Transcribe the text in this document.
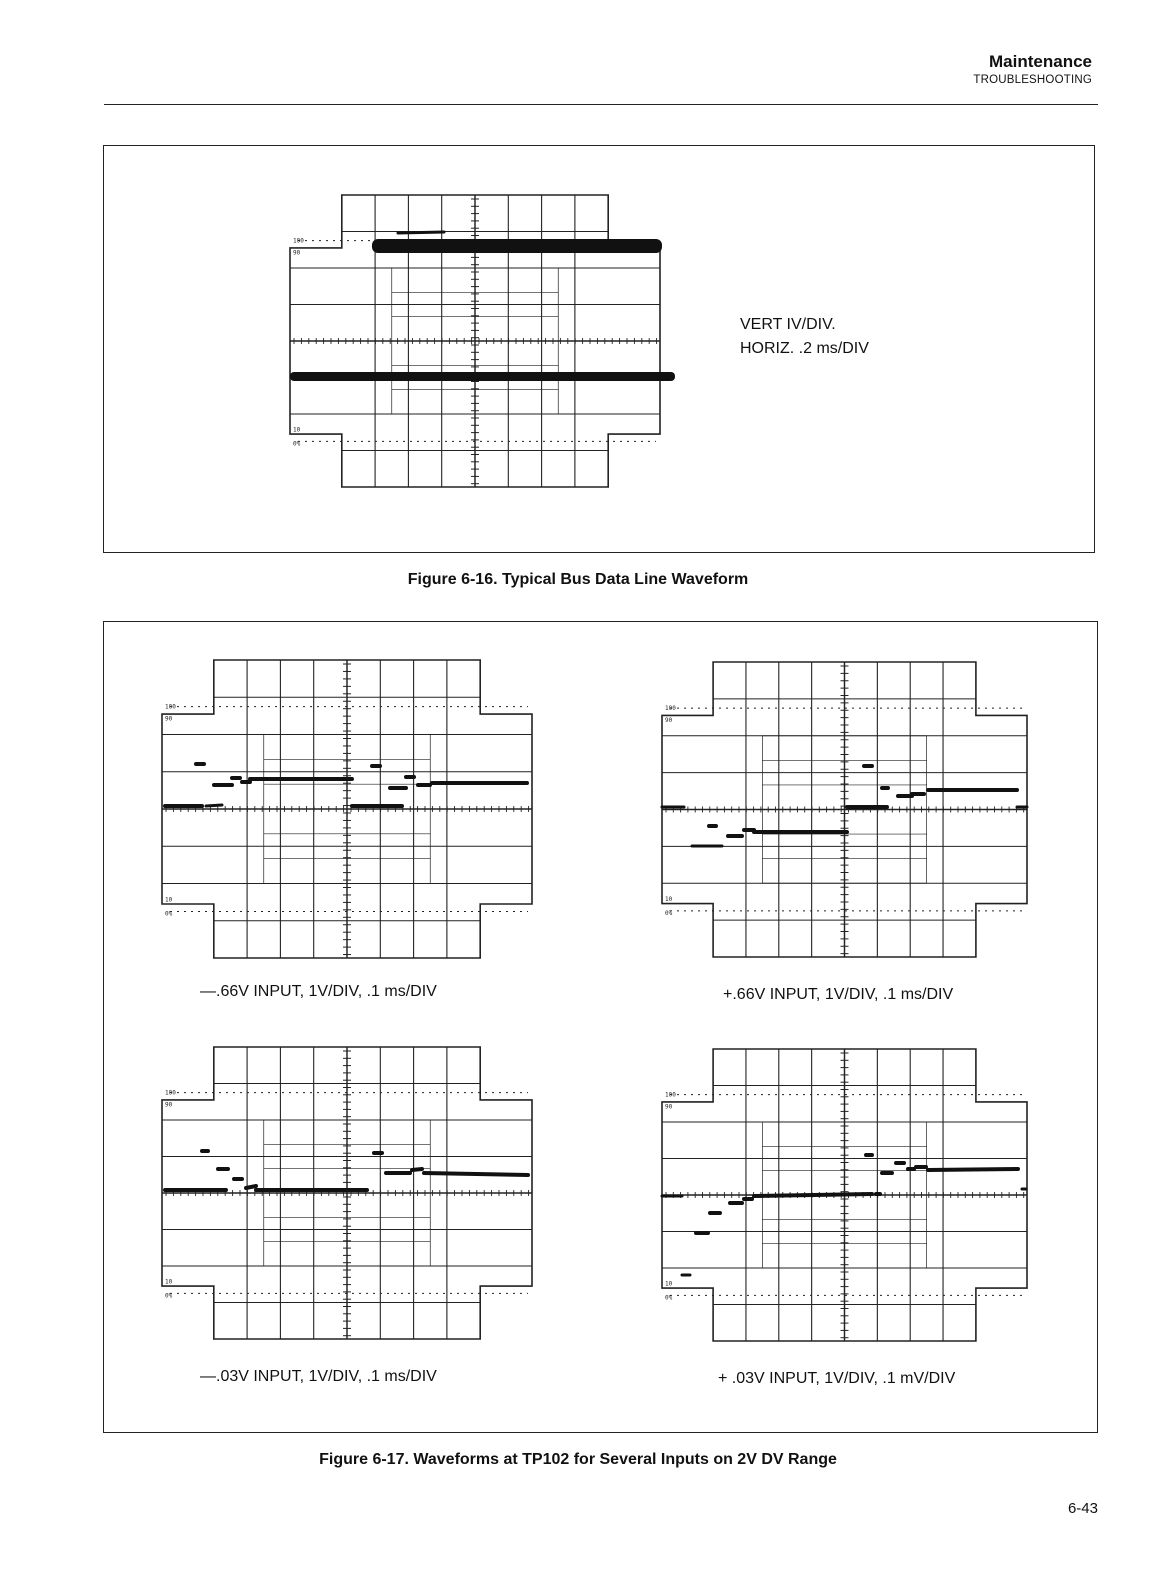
Maintenance
TROUBLESHOOTING
100
90
10
0%
VERT IV/DIV.
HORIZ. .2 ms/DIV
Figure 6-16. Typical Bus Data Line Waveform
100
90
10
0%
—.66V INPUT, 1V/DIV, .1 ms/DIV
100
90
10
0%
+.66V INPUT, 1V/DIV, .1 ms/DIV
100
90
10
0%
—.03V INPUT, 1V/DIV, .1 ms/DIV
100
90
10
0%
+ .03V INPUT, 1V/DIV, .1 mV/DIV
Figure 6-17. Waveforms at TP102 for Several Inputs on 2V DV Range
6-43
